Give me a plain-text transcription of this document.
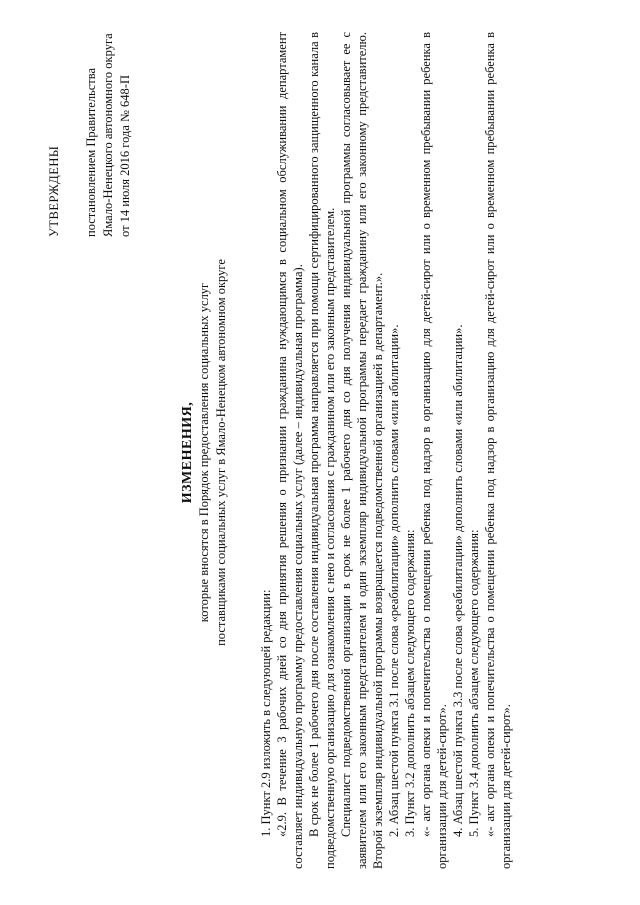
УТВЕРЖДЕНЫ постановлением Правительства Ямало-Ненецкого автономного округа от 14 июля 2016 года № 648-П
ИЗМЕНЕНИЯ, которые вносятся в Порядок предоставления социальных услуг поставщиками социальных услуг в Ямало-Ненецком автономном округе

1. Пункт 2.9 изложить в следующей редакции: «2.9. В течение 3 рабочих дней со дня принятия решения о признании гражданина нуждающимся в социальном обслуживании департамент составляет индивидуальную программу предоставления социальных услуг (далее – индивидуальная программа). В срок не более 1 рабочего дня после составления индивидуальная программа направляется при помощи сертифицированного защищенного канала в подведомственную организацию для ознакомления с нею и согласования с гражданином или его законным представителем. Специалист подведомственной организации в срок не более 1 рабочего дня со дня получения индивидуальной программы согласовывает ее с заявителем или его законным представителем и один экземпляр индивидуальной программы передает гражданину или его законному представителю. Второй экземпляр индивидуальной программы возвращается подведомственной организацией в департамент.». 2. Абзац шестой пункта 3.1 после слова «реабилитации» дополнить словами «или абилитации». 3. Пункт 3.2 дополнить абзацем следующего содержания: «- акт органа опеки и попечительства о помещении ребенка под надзор в организацию для детей-сирот или о временном пребывании ребенка в организации для детей-сирот». 4. Абзац шестой пункта 3.3 после слова «реабилитации» дополнить словами «или абилитации». 5. Пункт 3.4 дополнить абзацем следующего содержания: «- акт органа опеки и попечительства о помещении ребенка под надзор в организацию для детей-сирот или о временном пребывании ребенка в организации для детей-сирот».
